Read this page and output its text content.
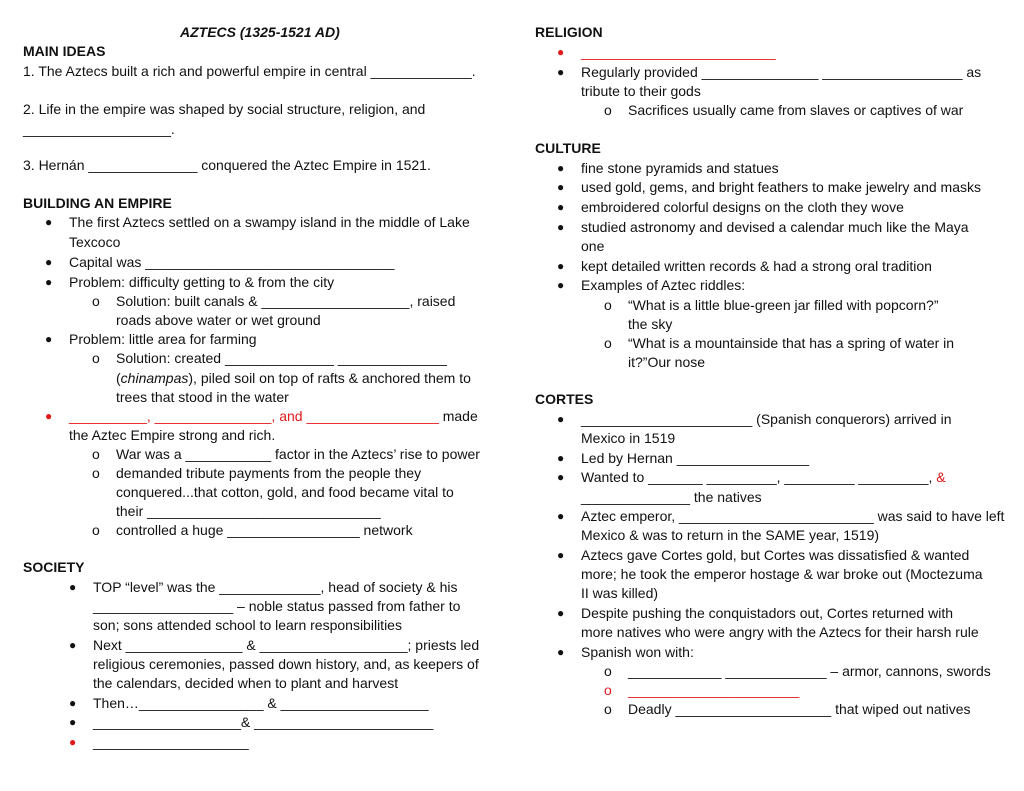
AZTECS (1325-1521 AD)
MAIN IDEAS
1. The Aztecs built a rich and powerful empire in central _____________.
2. Life in the empire was shaped by social structure, religion, and
___________________.
3. Hernán ______________ conquered the Aztec Empire in 1521.
BUILDING AN EMPIRE
● The first Aztecs settled on a swampy island in the middle of Lake
Texcoco
● Capital was ________________________________
● Problem: difficulty getting to & from the city
o Solution: built canals & ___________________, raised
roads above water or wet ground
● Problem: little area for farming
o Solution: created ______________ ______________
(chinampas), piled soil on top of rafts & anchored them to
trees that stood in the water
● __________, _______________, and _________________ made
the Aztec Empire strong and rich.
o War was a ___________ factor in the Aztecs’ rise to power
o demanded tribute payments from the people they
conquered...that cotton, gold, and food became vital to
their ______________________________
o controlled a huge _________________ network
SOCIETY
● TOP “level” was the _____________, head of society & his
__________________ – noble status passed from father to
son; sons attended school to learn responsibilities
● Next _______________ & ___________________; priests led
religious ceremonies, passed down history, and, as keepers of
the calendars, decided when to plant and harvest
● Then…________________ & ___________________
● ___________________& _______________________
● ____________________
RELIGION
● _________________________
● Regularly provided _______________ __________________ as
tribute to their gods
o Sacrifices usually came from slaves or captives of war
CULTURE
● fine stone pyramids and statues
● used gold, gems, and bright feathers to make jewelry and masks
● embroidered colorful designs on the cloth they wove
● studied astronomy and devised a calendar much like the Maya
one
● kept detailed written records & had a strong oral tradition
● Examples of Aztec riddles:
o “What is a little blue-green jar filled with popcorn?”
the sky
o “What is a mountainside that has a spring of water in
it?”Our nose
CORTES
● ______________________ (Spanish conquerors) arrived in
Mexico in 1519
● Led by Hernan _________________
● Wanted to _______ _________, _________ _________, &
______________ the natives
● Aztec emperor, _________________________ was said to have left
Mexico & was to return in the SAME year, 1519)
● Aztecs gave Cortes gold, but Cortes was dissatisfied & wanted
more; he took the emperor hostage & war broke out (Moctezuma
II was killed)
● Despite pushing the conquistadors out, Cortes returned with
more natives who were angry with the Aztecs for their harsh rule
● Spanish won with:
o ____________ _____________ – armor, cannons, swords
o ______________________
o Deadly ____________________ that wiped out natives
